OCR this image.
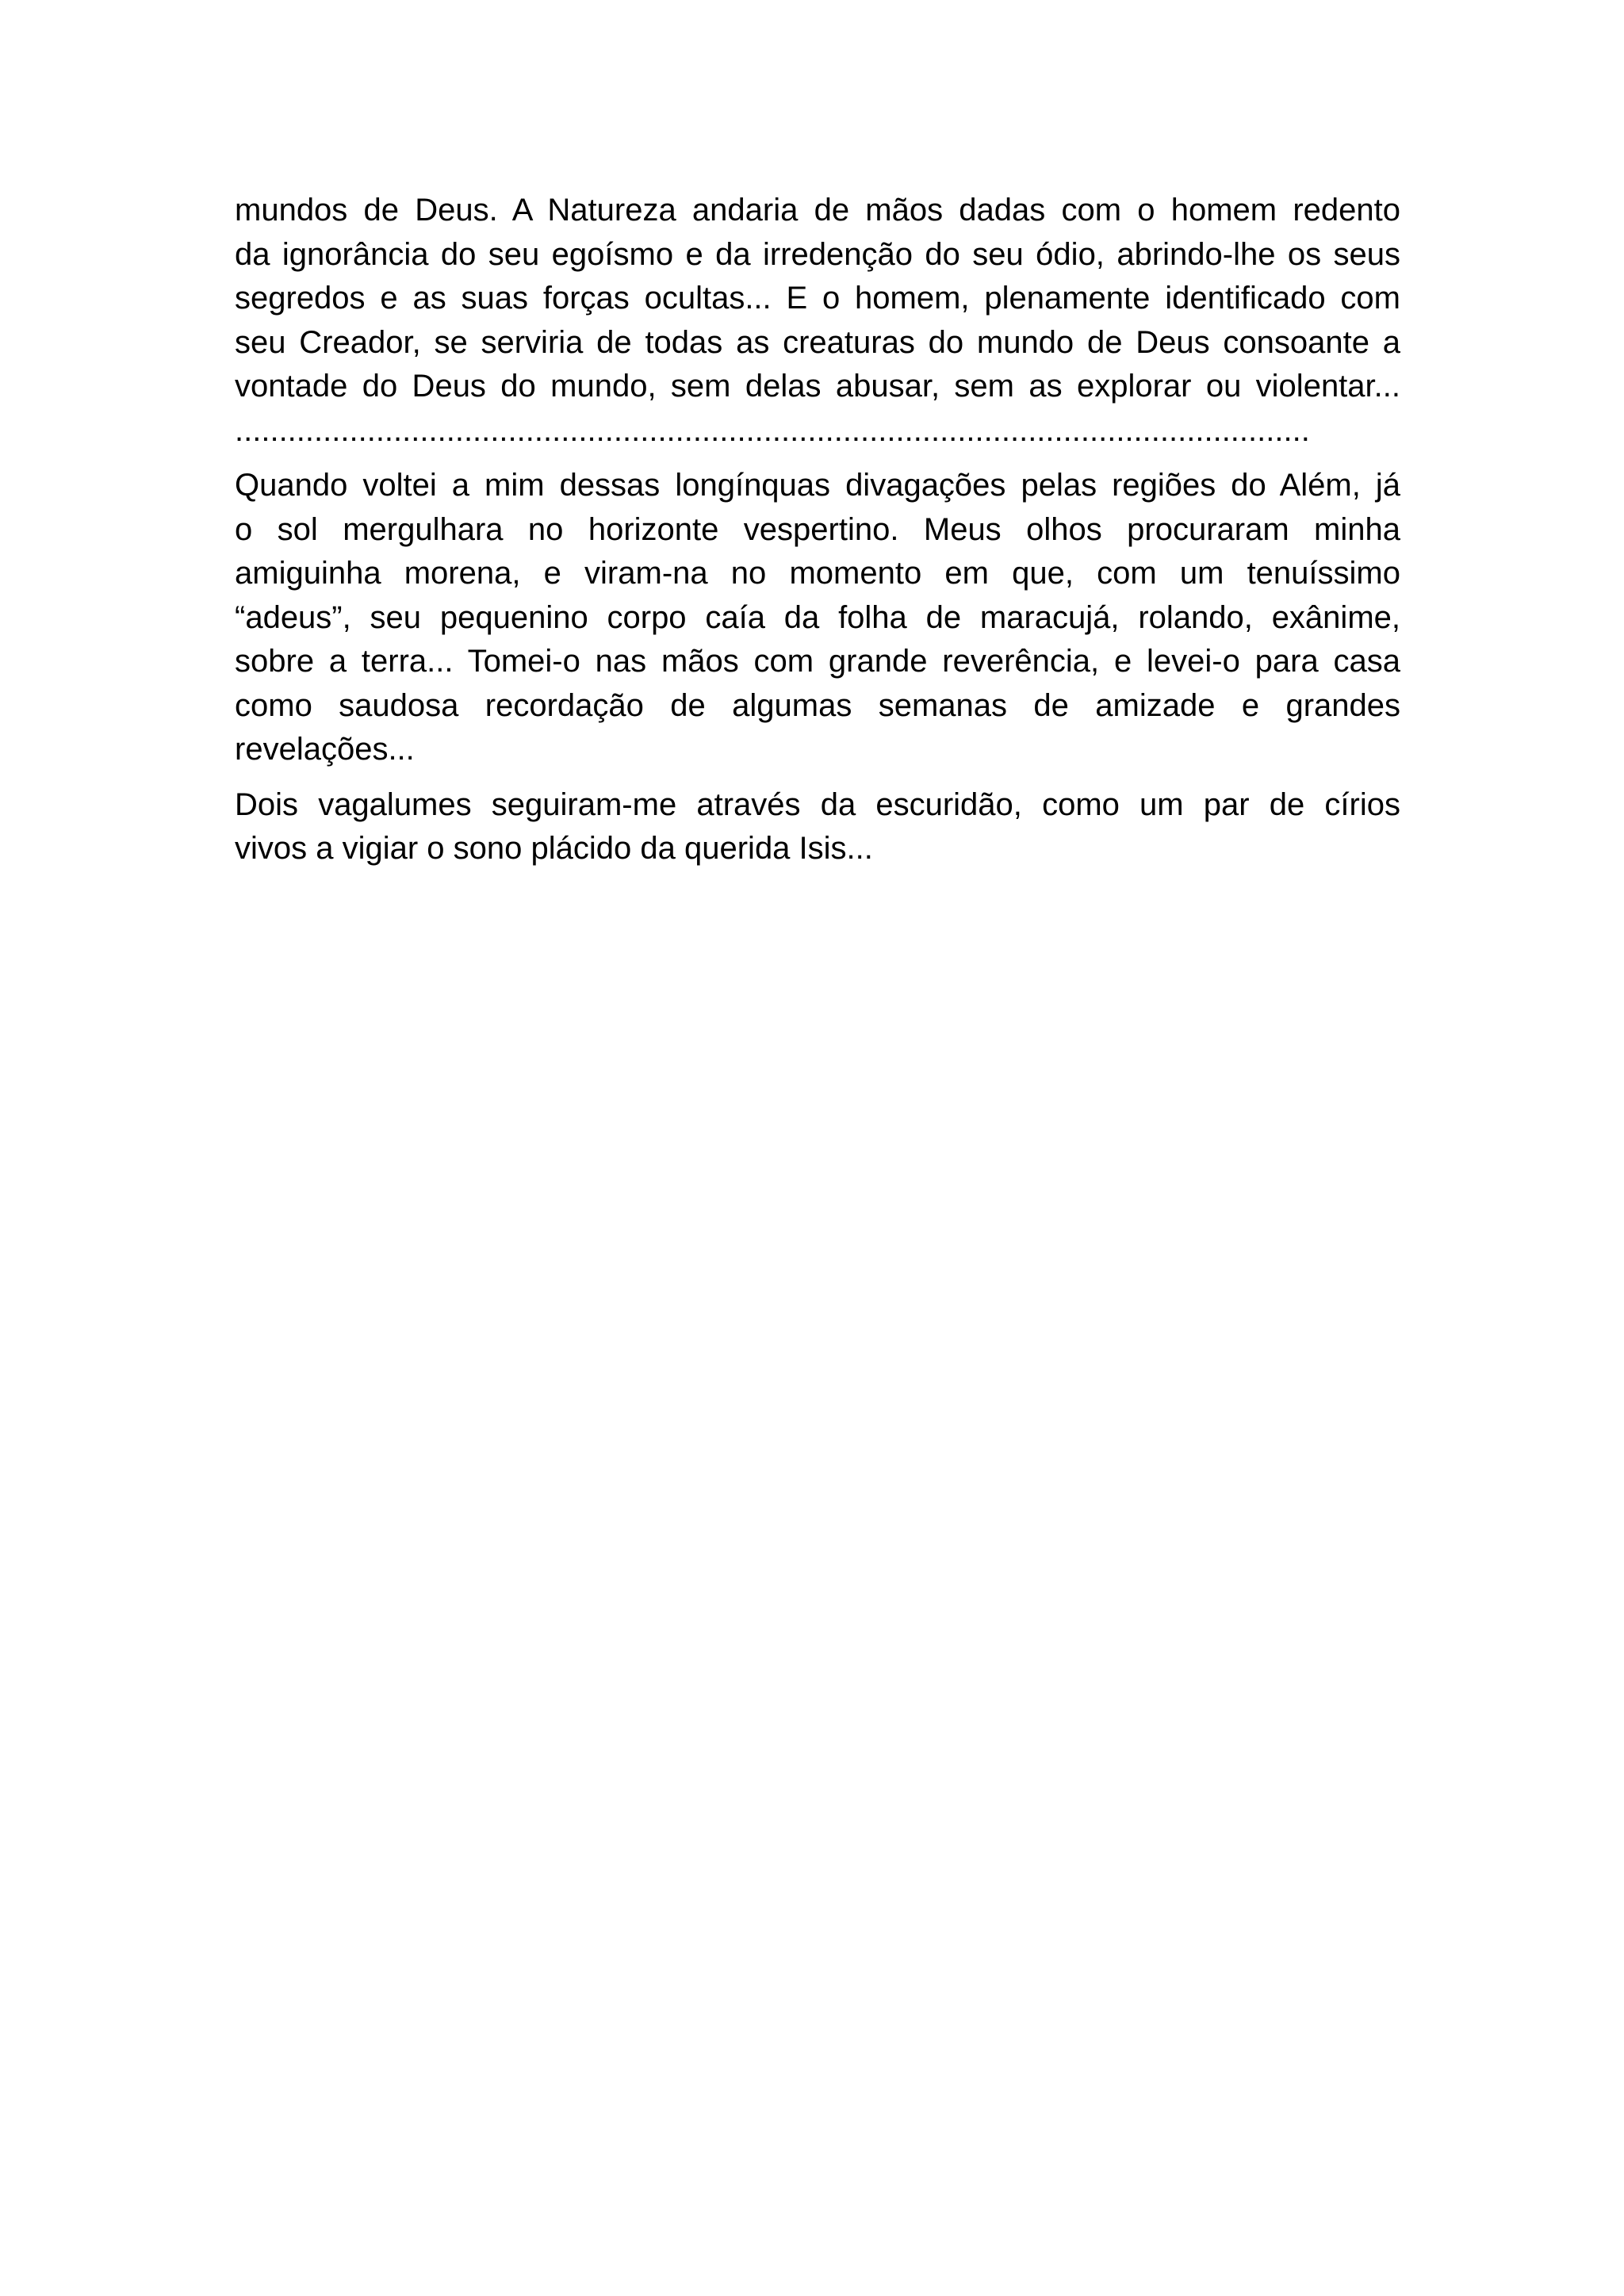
mundos de Deus. A Natureza andaria de mãos dadas com o homem redento
da ignorância do seu egoísmo e da irredenção do seu ódio, abrindo-lhe os seus
segredos e as suas forças ocultas... E o homem, plenamente identificado com
seu Creador, se serviria de todas as creaturas do mundo de Deus consoante a
vontade do Deus do mundo, sem delas abusar, sem as explorar ou violentar...
..........................................................................................................................
Quando voltei a mim dessas longínquas divagações pelas regiões do Além, já
o sol mergulhara no horizonte vespertino. Meus olhos procuraram minha
amiguinha morena, e viram-na no momento em que, com um tenuíssimo
“adeus”, seu pequenino corpo caía da folha de maracujá, rolando, exânime,
sobre a terra... Tomei-o nas mãos com grande reverência, e levei-o para casa
como saudosa recordação de algumas semanas de amizade e grandes
revelações...
Dois vagalumes seguiram-me através da escuridão, como um par de círios
vivos a vigiar o sono plácido da querida Isis...
